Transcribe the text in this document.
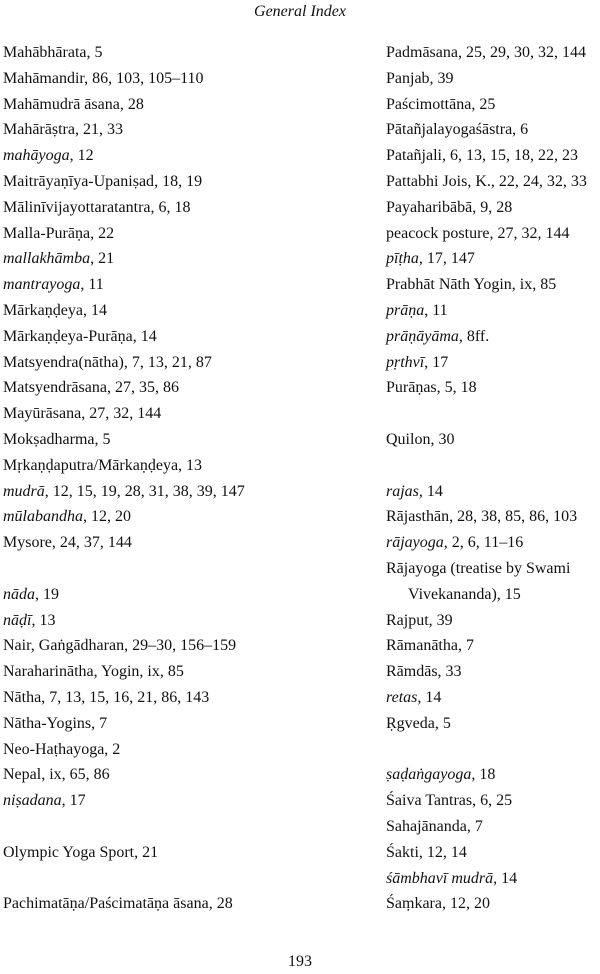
General Index
Mahābhārata, 5
Mahāmandir, 86, 103, 105–110
Mahāmudrā āsana, 28
Mahārāṣtra, 21, 33
mahāyoga, 12
Maitrāyaṇīya-Upaniṣad, 18, 19
Mālinīvijayottaratantra, 6, 18
Malla-Purāṇa, 22
mallakhāmba, 21
mantrayoga, 11
Mārkaṇḍeya, 14
Mārkaṇḍeya-Purāṇa, 14
Matsyendra(nātha), 7, 13, 21, 87
Matsyendrāsana, 27, 35, 86
Mayūrāsana, 27, 32, 144
Mokṣadharma, 5
Mṛkaṇḍaputra/Mārkaṇḍeya, 13
mudrā, 12, 15, 19, 28, 31, 38, 39, 147
mūlabandha, 12, 20
Mysore, 24, 37, 144
nāda, 19
nāḍī, 13
Nair, Gaṅgādharan, 29–30, 156–159
Naraharinātha, Yogin, ix, 85
Nātha, 7, 13, 15, 16, 21, 86, 143
Nātha-Yogins, 7
Neo-Haṭhayoga, 2
Nepal, ix, 65, 86
niṣadana, 17
Olympic Yoga Sport, 21
Pachimatāṇa/Paścimatāṇa āsana, 28
Padmāsana, 25, 29, 30, 32, 144
Panjab, 39
Paścimottāna, 25
Pātañjalayogaśāstra, 6
Patañjali, 6, 13, 15, 18, 22, 23
Pattabhi Jois, K., 22, 24, 32, 33
Payaharibābā, 9, 28
peacock posture, 27, 32, 144
pīṭha, 17, 147
Prabhāt Nāth Yogin, ix, 85
prāṇa, 11
prāṇāyāma, 8ff.
pṛthvī, 17
Purāṇas, 5, 18
Quilon, 30
rajas, 14
Rājasthān, 28, 38, 85, 86, 103
rājayoga, 2, 6, 11–16
Rājayoga (treatise by Swami Vivekananda), 15
Rajput, 39
Rāmanātha, 7
Rāmdās, 33
retas, 14
Ṛgveda, 5
ṣaḍaṅgayoga, 18
Śaiva Tantras, 6, 25
Sahajānanda, 7
Śakti, 12, 14
śāmbhavī mudrā, 14
Śaṃkara, 12, 20
193
